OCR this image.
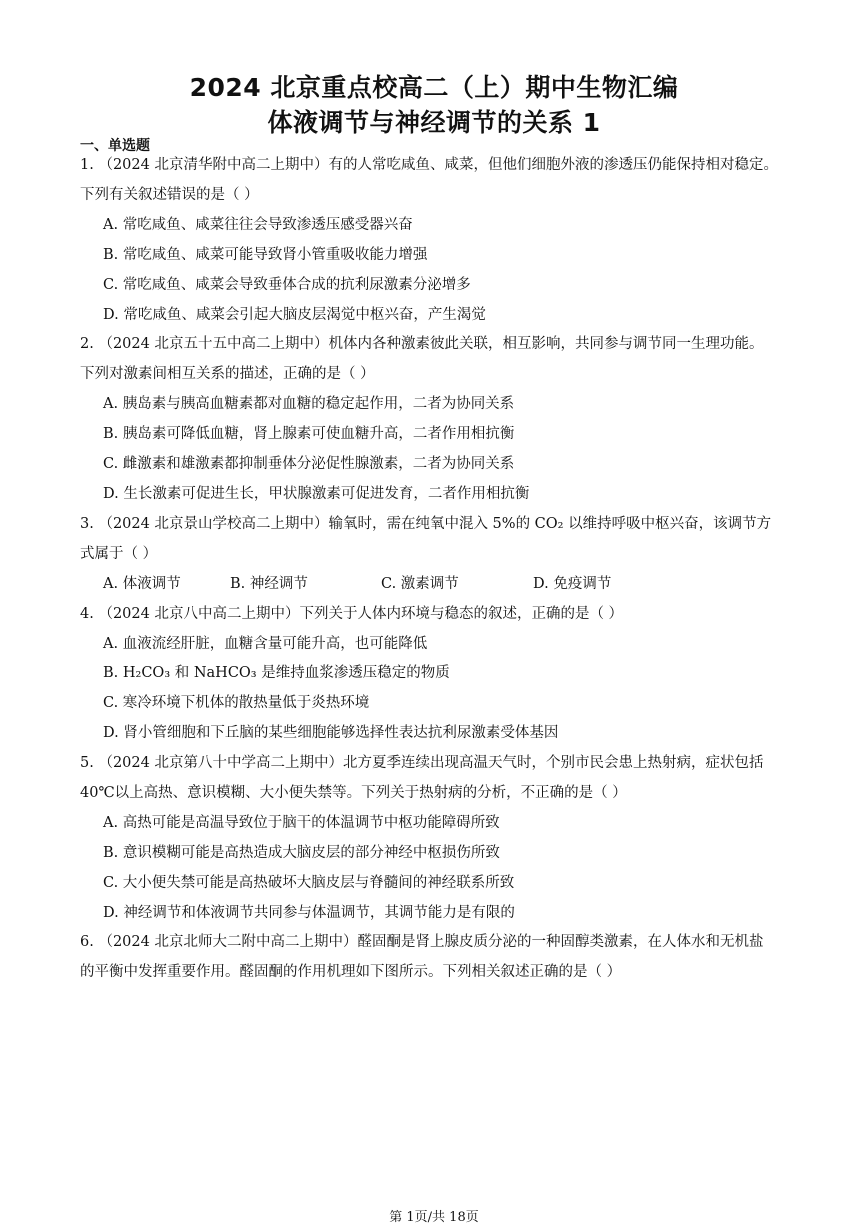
2024 北京重点校高二（上）期中生物汇编
体液调节与神经调节的关系 1
一、单选题
1. （2024 北京清华附中高二上期中）有的人常吃咸鱼、咸菜，但他们细胞外液的渗透压仍能保持相对稳定。
下列有关叙述错误的是（ ）
A. 常吃咸鱼、咸菜往往会导致渗透压感受器兴奋
B. 常吃咸鱼、咸菜可能导致肾小管重吸收能力增强
C. 常吃咸鱼、咸菜会导致垂体合成的抗利尿激素分泌增多
D. 常吃咸鱼、咸菜会引起大脑皮层渴觉中枢兴奋，产生渴觉
2. （2024 北京五十五中高二上期中）机体内各种激素彼此关联，相互影响，共同参与调节同一生理功能。
下列对激素间相互关系的描述，正确的是（ ）
A. 胰岛素与胰高血糖素都对血糖的稳定起作用，二者为协同关系
B. 胰岛素可降低血糖，肾上腺素可使血糖升高，二者作用相抗衡
C. 雌激素和雄激素都抑制垂体分泌促性腺激素，二者为协同关系
D. 生长激素可促进生长，甲状腺激素可促进发育，二者作用相抗衡
3. （2024 北京景山学校高二上期中）输氧时，需在纯氧中混入 5%的 CO₂ 以维持呼吸中枢兴奋，该调节方
式属于（ ）
A. 体液调节	B. 神经调节	C. 激素调节	D. 免疫调节
4. （2024 北京八中高二上期中）下列关于人体内环境与稳态的叙述，正确的是（ ）
A. 血液流经肝脏，血糖含量可能升高，也可能降低
B. H₂CO₃ 和 NaHCO₃ 是维持血浆渗透压稳定的物质
C. 寒冷环境下机体的散热量低于炎热环境
D. 肾小管细胞和下丘脑的某些细胞能够选择性表达抗利尿激素受体基因
5. （2024 北京第八十中学高二上期中）北方夏季连续出现高温天气时，个别市民会患上热射病，症状包括
40℃以上高热、意识模糊、大小便失禁等。下列关于热射病的分析，不正确的是（ ）
A. 高热可能是高温导致位于脑干的体温调节中枢功能障碍所致
B. 意识模糊可能是高热造成大脑皮层的部分神经中枢损伤所致
C. 大小便失禁可能是高热破坏大脑皮层与脊髓间的神经联系所致
D. 神经调节和体液调节共同参与体温调节，其调节能力是有限的
6. （2024 北京北师大二附中高二上期中）醛固酮是肾上腺皮质分泌的一种固醇类激素，在人体水和无机盐
的平衡中发挥重要作用。醛固酮的作用机理如下图所示。下列相关叙述正确的是（ ）
第 1页/共 18页
